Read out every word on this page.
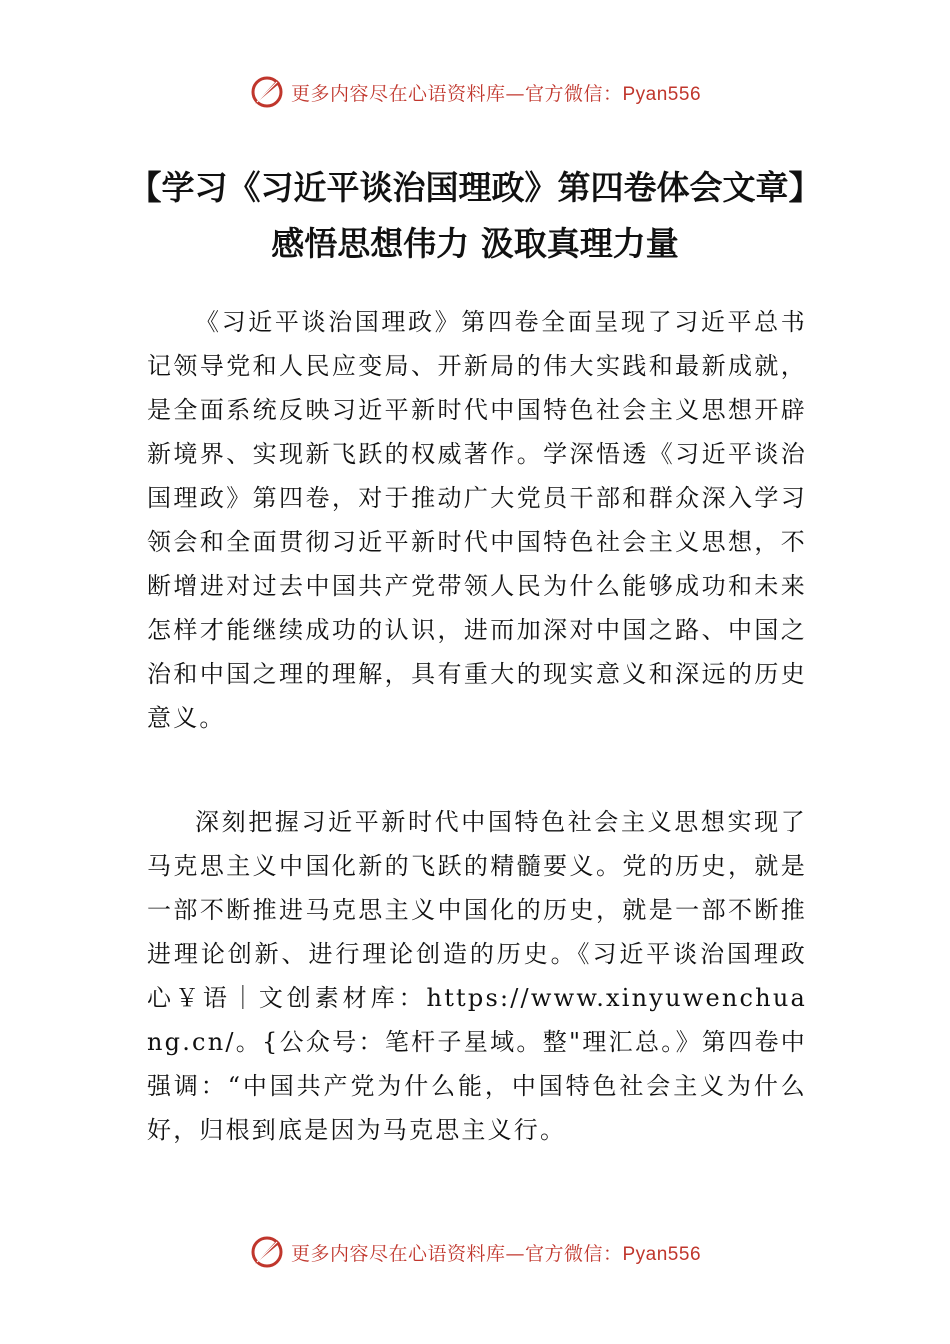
更多内容尽在心语资料库—官方微信：Pyan556
【学习《习近平谈治国理政》第四卷体会文章】感悟思想伟力 汲取真理力量

《习近平谈治国理政》第四卷全面呈现了习近平总书记领导党和人民应变局、开新局的伟大实践和最新成就，是全面系统反映习近平新时代中国特色社会主义思想开辟新境界、实现新飞跃的权威著作。学深悟透《习近平谈治国理政》第四卷，对于推动广大党员干部和群众深入学习领会和全面贯彻习近平新时代中国特色社会主义思想，不断增进对过去中国共产党带领人民为什么能够成功和未来怎样才能继续成功的认识，进而加深对中国之路、中国之治和中国之理的理解，具有重大的现实意义和深远的历史意义。

深刻把握习近平新时代中国特色社会主义思想实现了马克思主义中国化新的飞跃的精髓要义。党的历史，就是一部不断推进马克思主义中国化的历史，就是一部不断推进理论创新、进行理论创造的历史。《习近平谈治国理政心￥语｜文创素材库：https://www.xinyuwenchuang.cn/。{公众号：笔杆子星域。整"理汇总。》第四卷中强调：“中国共产党为什么能，中国特色社会主义为什么好，归根到底是因为马克思主义行。

更多内容尽在心语资料库—官方微信：Pyan556
